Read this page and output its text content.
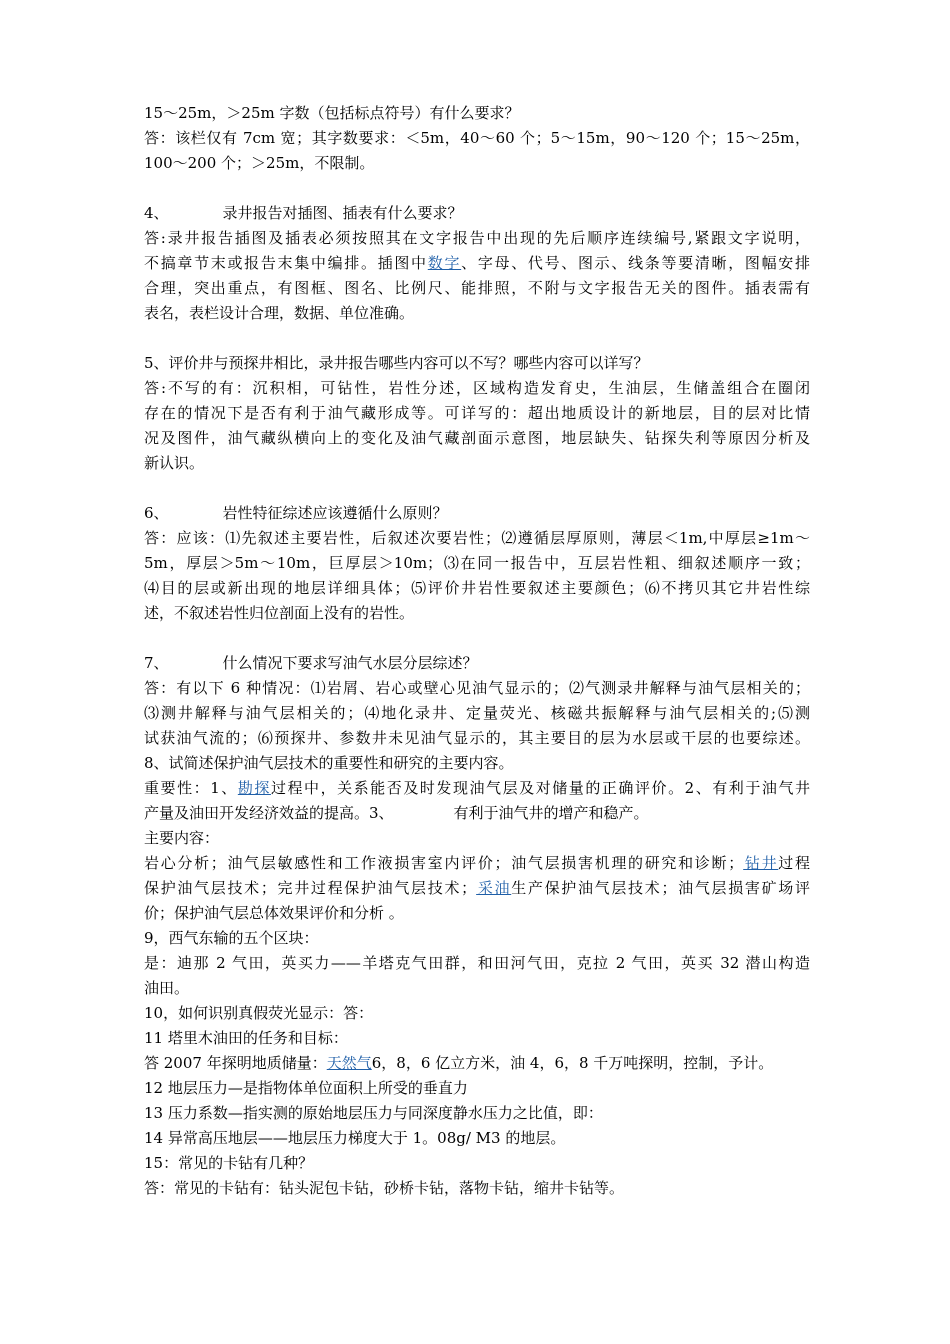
15～25m，＞25m 字数（包括标点符号）有什么要求？
答：该栏仅有 7cm 宽；其字数要求：＜5m，40～60 个；5～15m，90～120 个；15～25m，
100～200 个；＞25m，不限制。
4、	录井报告对插图、插表有什么要求？
答:录井报告插图及插表必须按照其在文字报告中出现的先后顺序连续编号,紧跟文字说明，
不搞章节末或报告末集中编排。插图中数字、字母、代号、图示、线条等要清晰，图幅安排
合理，突出重点，有图框、图名、比例尺、能排照，不附与文字报告无关的图件。插表需有
表名，表栏设计合理，数据、单位准确。
5、评价井与预探井相比，录井报告哪些内容可以不写？哪些内容可以详写？
答:不写的有：沉积相，可钻性，岩性分述，区域构造发育史，生油层，生储盖组合在圈闭
存在的情况下是否有利于油气藏形成等。可详写的：超出地质设计的新地层，目的层对比情
况及图件，油气藏纵横向上的变化及油气藏剖面示意图，地层缺失、钻探失利等原因分析及
新认识。
6、	岩性特征综述应该遵循什么原则？
答：应该：⑴先叙述主要岩性，后叙述次要岩性；⑵遵循层厚原则，薄层＜1m,中厚层≥1m～
5m，厚层＞5m～10m，巨厚层＞10m；⑶在同一报告中，互层岩性粗、细叙述顺序一致；
⑷目的层或新出现的地层详细具体；⑸评价井岩性要叙述主要颜色；⑹不拷贝其它井岩性综
述，不叙述岩性归位剖面上没有的岩性。
7、	什么情况下要求写油气水层分层综述？
答：有以下 6 种情况：⑴岩屑、岩心或壁心见油气显示的；⑵气测录井解释与油气层相关的；
⑶测井解释与油气层相关的；⑷地化录井、定量荧光、核磁共振解释与油气层相关的;⑸测
试获油气流的；⑹预探井、参数井未见油气显示的，其主要目的层为水层或干层的也要综述。
8、试简述保护油气层技术的重要性和研究的主要内容。
重要性：1、勘探过程中，关系能否及时发现油气层及对储量的正确评价。2、有利于油气井
产量及油田开发经济效益的提高。3、	有利于油气井的增产和稳产。
主要内容：
岩心分析；油气层敏感性和工作液损害室内评价；油气层损害机理的研究和诊断；钻井过程
保护油气层技术；完井过程保护油气层技术；采油生产保护油气层技术；油气层损害矿场评
价；保护油气层总体效果评价和分析 。
9，西气东输的五个区块：
是：迪那 2 气田，英买力——羊塔克气田群，和田河气田，克拉 2 气田，英买 32 潜山构造
油田。
10，如何识别真假荧光显示：答：
11 塔里木油田的任务和目标：
答 2007 年探明地质储量：天然气6，8，6 亿立方米，油 4，6，8 千万吨探明，控制，予计。
12 地层压力—是指物体单位面积上所受的垂直力
13 压力系数—指实测的原始地层压力与同深度静水压力之比值，即：
14 异常高压地层——地层压力梯度大于 1。08g/ M3 的地层。
15：常见的卡钻有几种？
答：常见的卡钻有：钻头泥包卡钻，砂桥卡钻，落物卡钻，缩井卡钻等。
